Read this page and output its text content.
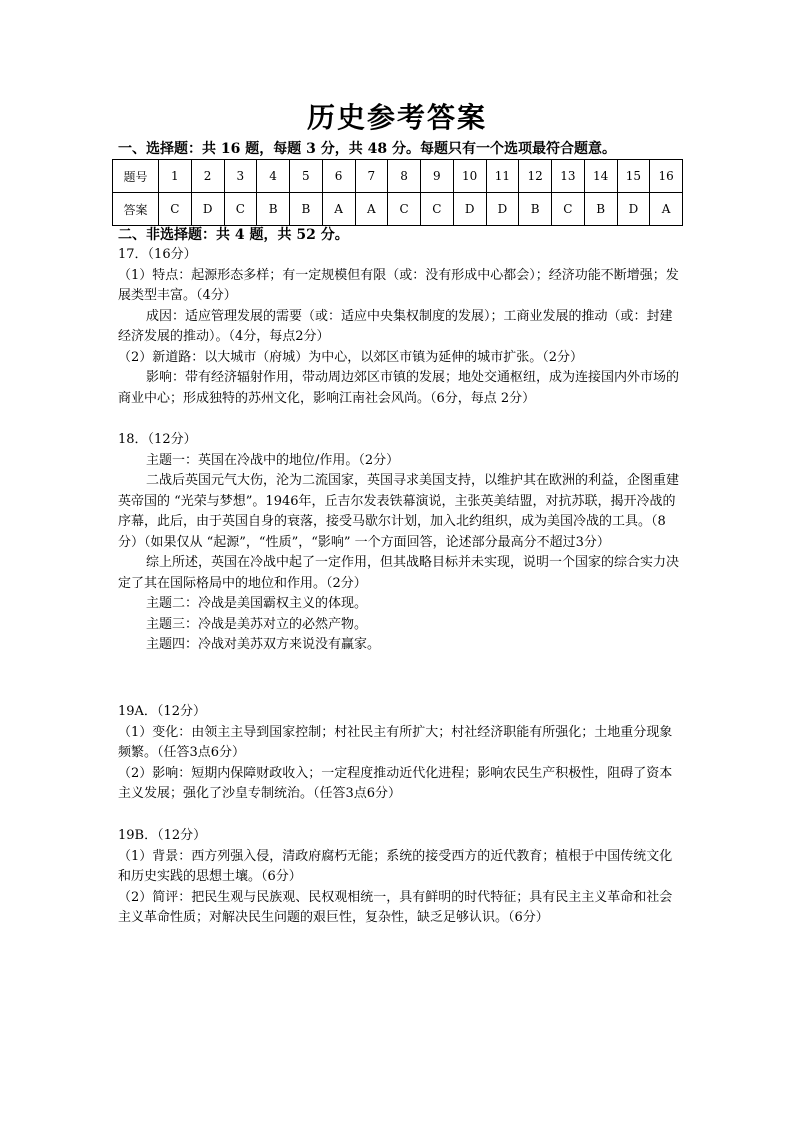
历史参考答案
一、选择题：共 16 题，每题 3 分，共 48 分。每题只有一个选项最符合题意。
题号	1	2	3	4	5	6	7	8	9	10	11	12	13	14	15	16
答案	C	D	C	B	B	A	A	C	C	D	D	B	C	B	D	A
二、非选择题：共 4 题，共 52 分。

17．（16分）

（1）特点：起源形态多样；有一定规模但有限（或：没有形成中心都会）；经济功能不断增强；发展类型丰富。（4分）

成因：适应管理发展的需要（或：适应中央集权制度的发展）；工商业发展的推动（或：封建经济发展的推动）。（4分，每点2分）

（2）新道路：以大城市（府城）为中心，以郊区市镇为延伸的城市扩张。（2分）

影响：带有经济辐射作用，带动周边郊区市镇的发展；地处交通枢纽，成为连接国内外市场的商业中心；形成独特的苏州文化，影响江南社会风尚。（6分，每点 2分）

18．（12分）

主题一：英国在冷战中的地位/作用。（2分）

二战后英国元气大伤，沦为二流国家，英国寻求美国支持，以维护其在欧洲的利益，企图重建英帝国的 “光荣与梦想”。1946年，丘吉尔发表铁幕演说，主张英美结盟，对抗苏联，揭开冷战的序幕，此后，由于英国自身的衰落，接受马歇尔计划，加入北约组织，成为美国冷战的工具。（8分）（如果仅从 “起源”，“性质”，“影响” 一个方面回答，论述部分最高分不超过3分）

综上所述，英国在冷战中起了一定作用，但其战略目标并未实现，说明一个国家的综合实力决定了其在国际格局中的地位和作用。（2分）

主题二：冷战是美国霸权主义的体现。

主题三：冷战是美苏对立的必然产物。

主题四：冷战对美苏双方来说没有赢家。

19A．（12分）

（1）变化：由领主主导到国家控制；村社民主有所扩大；村社经济职能有所强化；土地重分现象频繁。（任答3点6分）

（2）影响：短期内保障财政收入；一定程度推动近代化进程；影响农民生产积极性，阻碍了资本主义发展；强化了沙皇专制统治。（任答3点6分）

19B．（12分）

（1）背景：西方列强入侵，清政府腐朽无能；系统的接受西方的近代教育；植根于中国传统文化和历史实践的思想土壤。（6分）

（2）简评：把民生观与民族观、民权观相统一，具有鲜明的时代特征；具有民主主义革命和社会主义革命性质；对解决民生问题的艰巨性，复杂性，缺乏足够认识。（6分）
